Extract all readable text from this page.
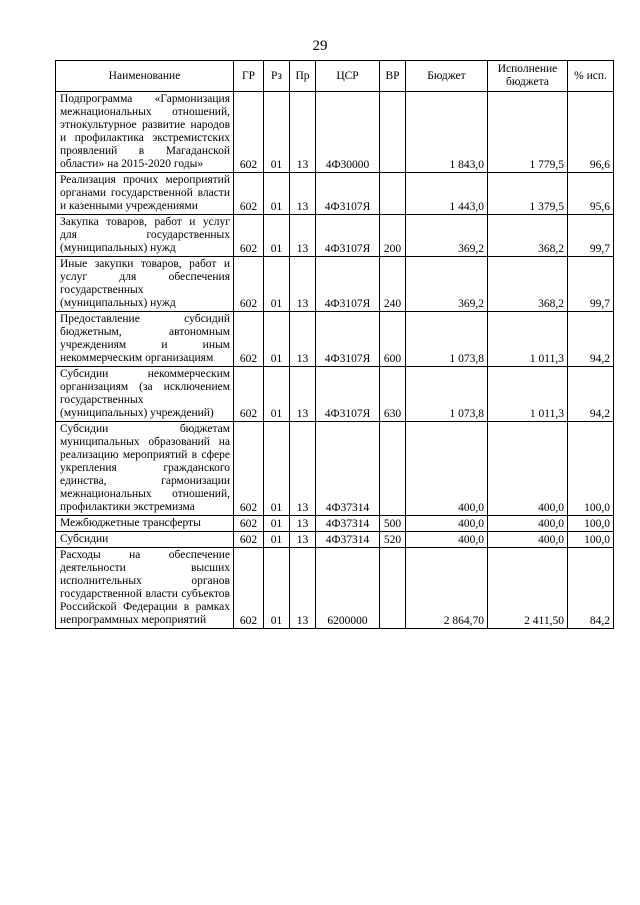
29
Наименование	ГР	Рз	Пр	ЦСР	ВР	Бюджет	Исполнение бюджета	% исп.
Подпрограмма «Гармонизация межнациональных отношений, этнокультурное развитие народов и профилактика экстремистских проявлений в Магаданской области» на 2015-2020 годы»	602	01	13	4Ф30000		1 843,0	1 779,5	96,6
Реализация прочих мероприятий органами государственной власти и казенными учреждениями	602	01	13	4Ф3107Я		1 443,0	1 379,5	95,6
Закупка товаров, работ и услуг для государственных (муниципальных) нужд	602	01	13	4Ф3107Я	200	369,2	368,2	99,7
Иные закупки товаров, работ и услуг для обеспечения государственных (муниципальных) нужд	602	01	13	4Ф3107Я	240	369,2	368,2	99,7
Предоставление субсидий бюджетным, автономным учреждениям и иным некоммерческим организациям	602	01	13	4Ф3107Я	600	1 073,8	1 011,3	94,2
Субсидии некоммерческим организациям (за исключением государственных (муниципальных) учреждений)	602	01	13	4Ф3107Я	630	1 073,8	1 011,3	94,2
Субсидии бюджетам муниципальных образований на реализацию мероприятий в сфере укрепления гражданского единства, гармонизации межнациональных отношений, профилактики экстремизма	602	01	13	4Ф37314		400,0	400,0	100,0
Межбюджетные трансферты	602	01	13	4Ф37314	500	400,0	400,0	100,0
Субсидии	602	01	13	4Ф37314	520	400,0	400,0	100,0
Расходы на обеспечение деятельности высших исполнительных органов государственной власти субъектов Российской Федерации в рамках непрограммных мероприятий	602	01	13	6200000		2 864,70	2 411,50	84,2
